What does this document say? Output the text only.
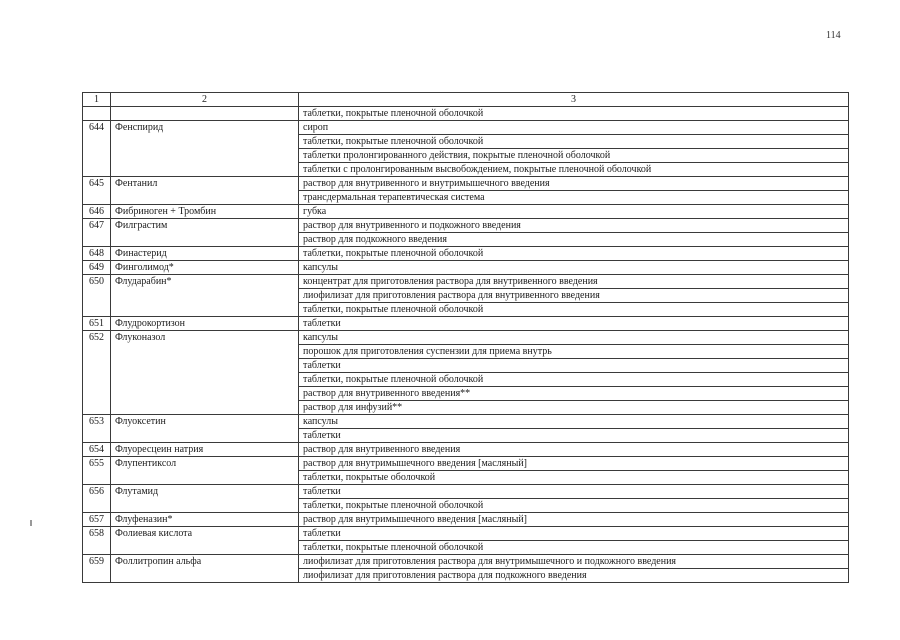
114
1	2	3
		таблетки, покрытые пленочной оболочкой
644	Фенспирид	сироп
		таблетки, покрытые пленочной оболочкой
		таблетки пролонгированного действия, покрытые пленочной оболочкой
		таблетки с пролонгированным высвобождением, покрытые пленочной оболочкой
645	Фентанил	раствор для внутривенного и внутримышечного введения
		трансдермальная терапевтическая система
646	Фибриноген + Тромбин	губка
647	Филграстим	раствор для внутривенного и подкожного введения
		раствор для подкожного введения
648	Финастерид	таблетки, покрытые пленочной оболочкой
649	Финголимод*	капсулы
650	Флударабин*	концентрат для приготовления раствора для внутривенного введения
		лиофилизат для приготовления раствора для внутривенного введения
		таблетки, покрытые пленочной оболочкой
651	Флудрокортизон	таблетки
652	Флуконазол	капсулы
		порошок для приготовления суспензии для приема внутрь
		таблетки
		таблетки, покрытые пленочной оболочкой
		раствор для внутривенного введения**
		раствор для инфузий**
653	Флуоксетин	капсулы
		таблетки
654	Флуоресцеин натрия	раствор для внутривенного введения
655	Флупентиксол	раствор для внутримышечного введения [масляный]
		таблетки, покрытые оболочкой
656	Флутамид	таблетки
		таблетки, покрытые пленочной оболочкой
657	Флуфеназин*	раствор для внутримышечного введения [масляный]
658	Фолиевая кислота	таблетки
		таблетки, покрытые пленочной оболочкой
659	Фоллитропин альфа	лиофилизат для приготовления раствора для внутримышечного и подкожного введения
		лиофилизат для приготовления раствора для подкожного введения
